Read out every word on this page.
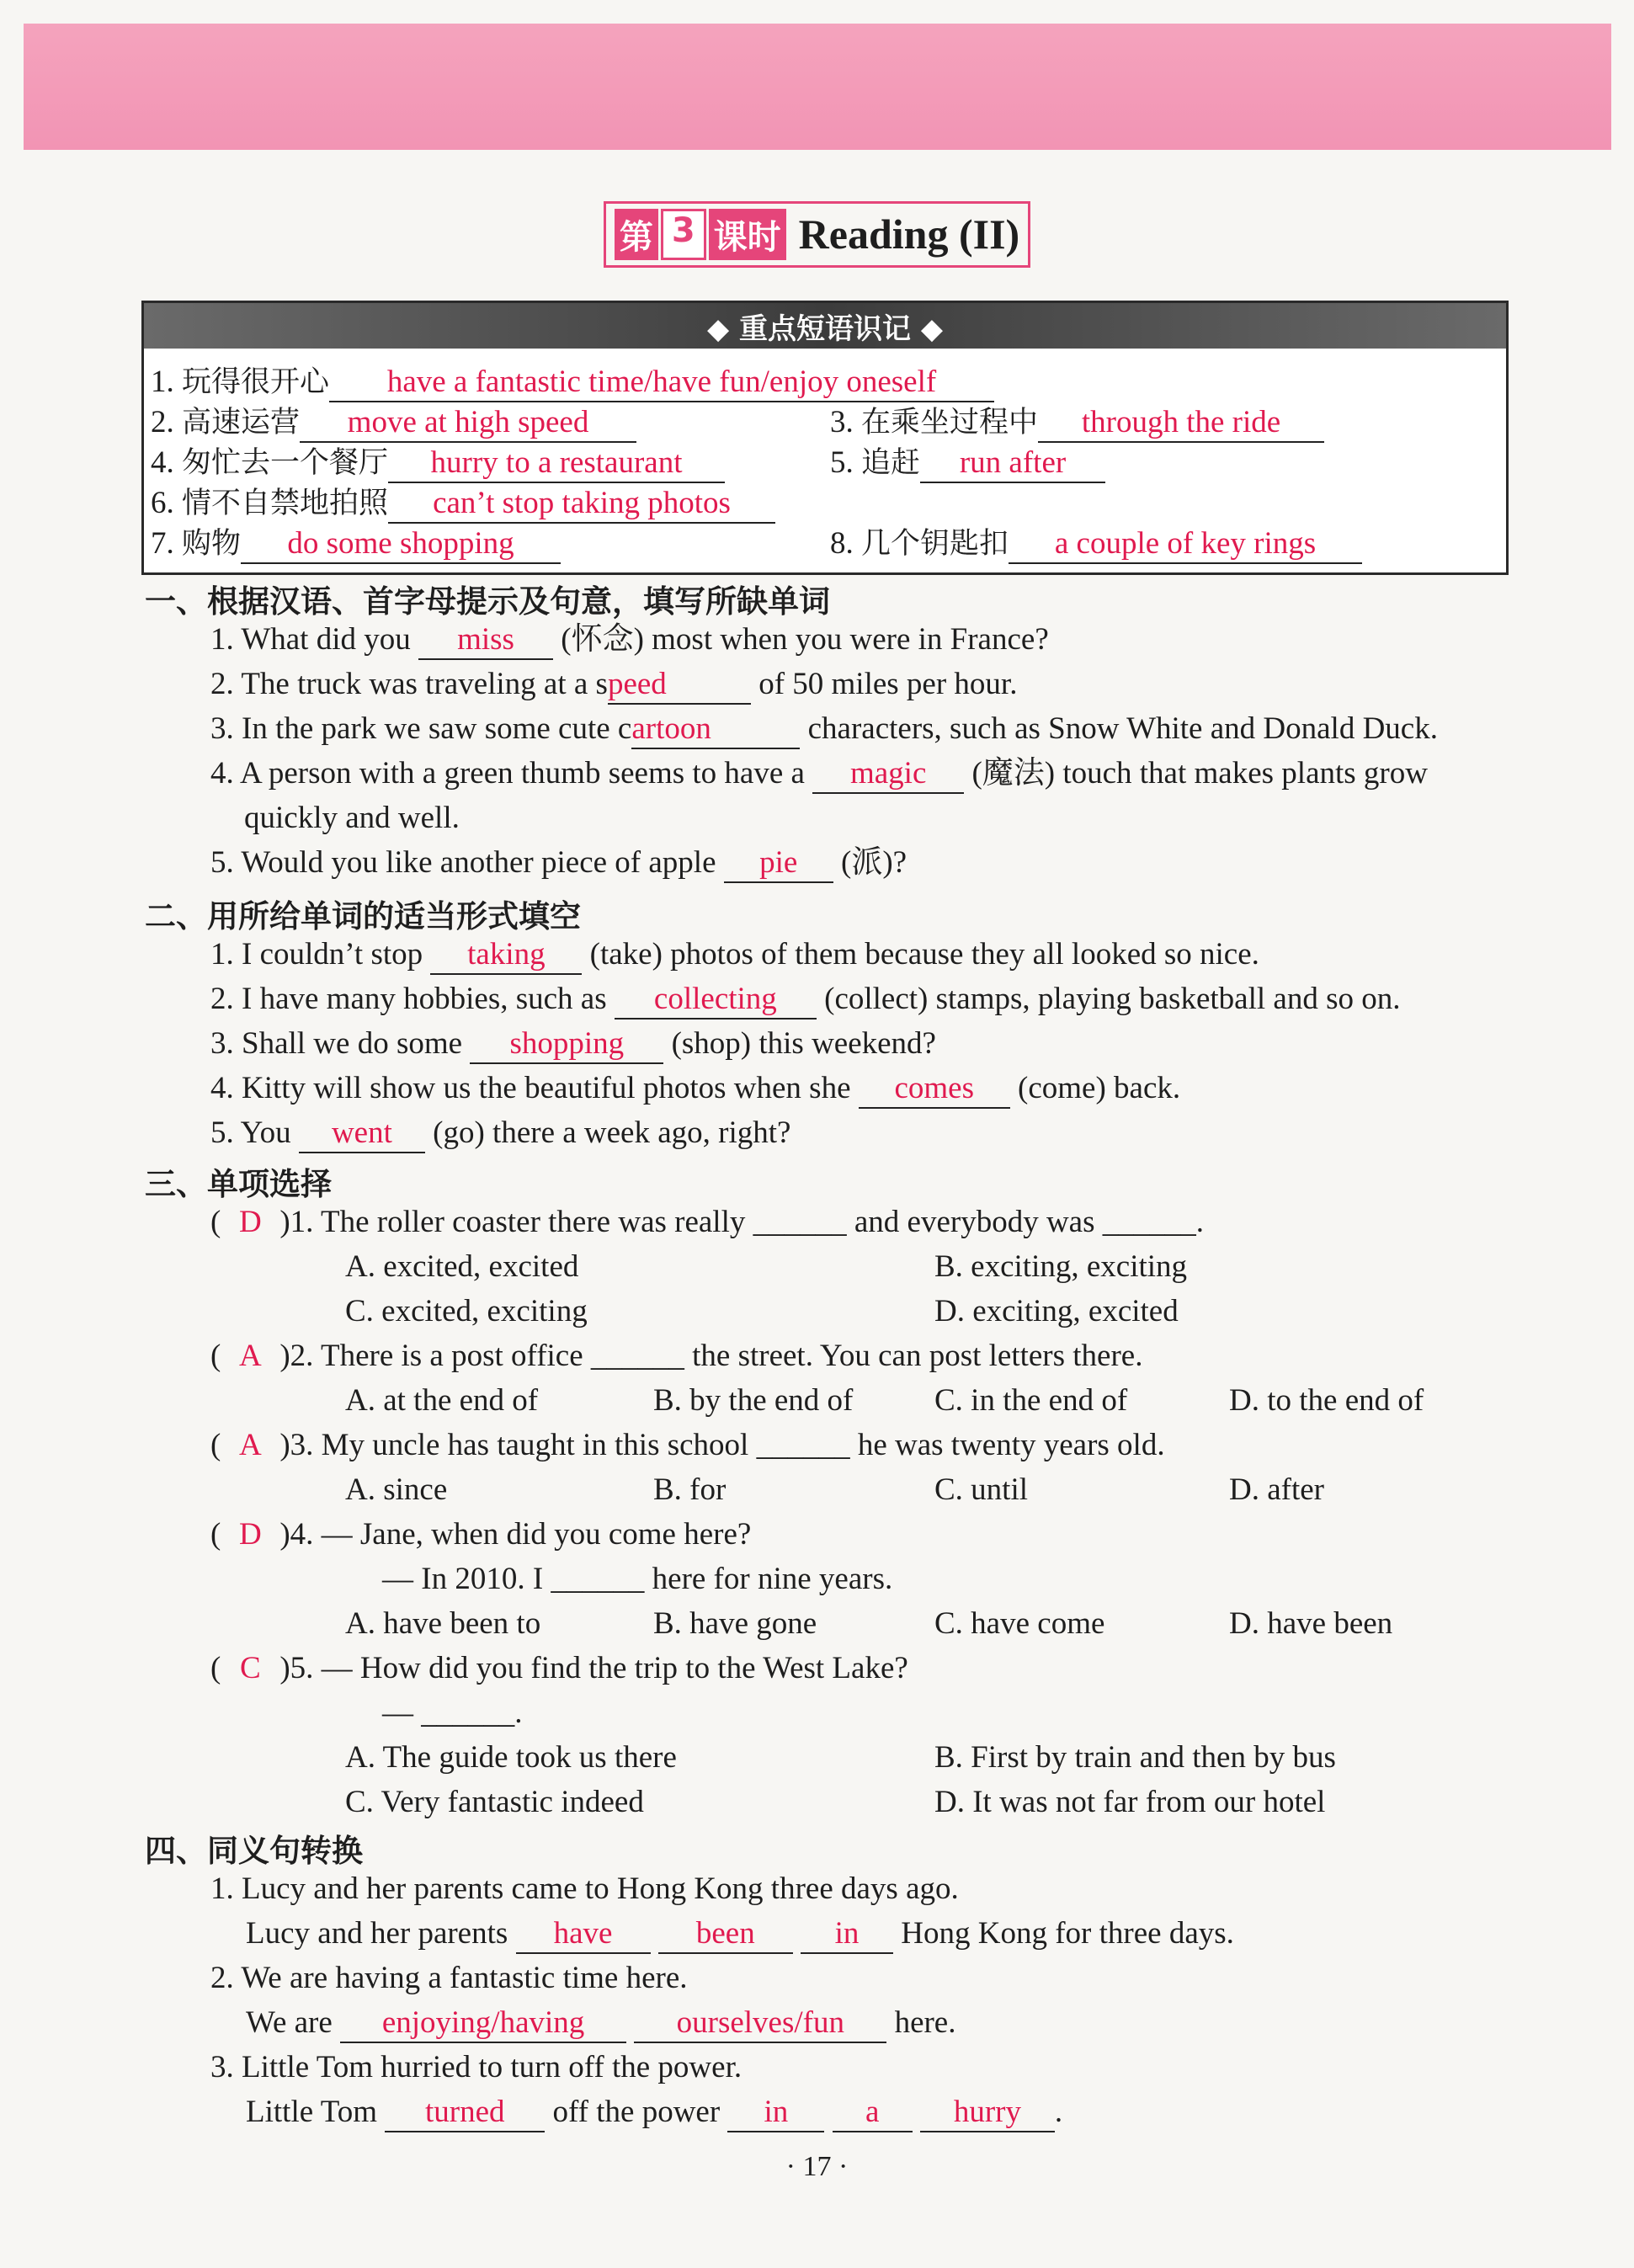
第 3 课时 Reading (II)
◆ 重点短语识记 ◆
1. 玩得很开心 have a fantastic time/have fun/enjoy oneself
2. 高速运营 move at high speed	3. 在乘坐过程中 through the ride
4. 匆忙去一个餐厅 hurry to a restaurant	5. 追赶 run after
6. 情不自禁地拍照 can’t stop taking photos
7. 购物 do some shopping	8. 几个钥匙扣 a couple of key rings
一、根据汉语、首字母提示及句意，填写所缺单词
1. What did you miss (怀念) most when you were in France?
2. The truck was traveling at a speed	of 50 miles per hour.
3. In the park we saw some cute cartoon	characters, such as Snow White and Donald Duck.
4. A person with a green thumb seems to have a magic (魔法) touch that makes plants grow
quickly and well.
5. Would you like another piece of apple pie (派)?
二、用所给单词的适当形式填空
1. I couldn’t stop taking (take) photos of them because they all looked so nice.
2. I have many hobbies, such as collecting (collect) stamps, playing basketball and so on.
3. Shall we do some shopping (shop) this weekend?
4. Kitty will show us the beautiful photos when she comes (come) back.
5. You went (go) there a week ago, right?
三、单项选择
( D )1. The roller coaster there was really ______ and everybody was ______.
A. excited, excited	B. exciting, exciting
C. excited, exciting	D. exciting, excited
( A )2. There is a post office ______ the street. You can post letters there.
A. at the end of	B. by the end of	C. in the end of	D. to the end of
( A )3. My uncle has taught in this school ______ he was twenty years old.
A. since	B. for	C. until	D. after
( D )4. — Jane, when did you come here?
— In 2010. I ______ here for nine years.
A. have been to	B. have gone	C. have come	D. have been
( C )5. — How did you find the trip to the West Lake?
— ______.
A. The guide took us there	B. First by train and then by bus
C. Very fantastic indeed	D. It was not far from our hotel
四、同义句转换
1. Lucy and her parents came to Hong Kong three days ago.
Lucy and her parents have	been	in Hong Kong for three days.
2. We are having a fantastic time here.
We are enjoying/having	ourselves/fun here.
3. Little Tom hurried to turn off the power.
Little Tom turned off the power in a hurry .
· 17 ·
